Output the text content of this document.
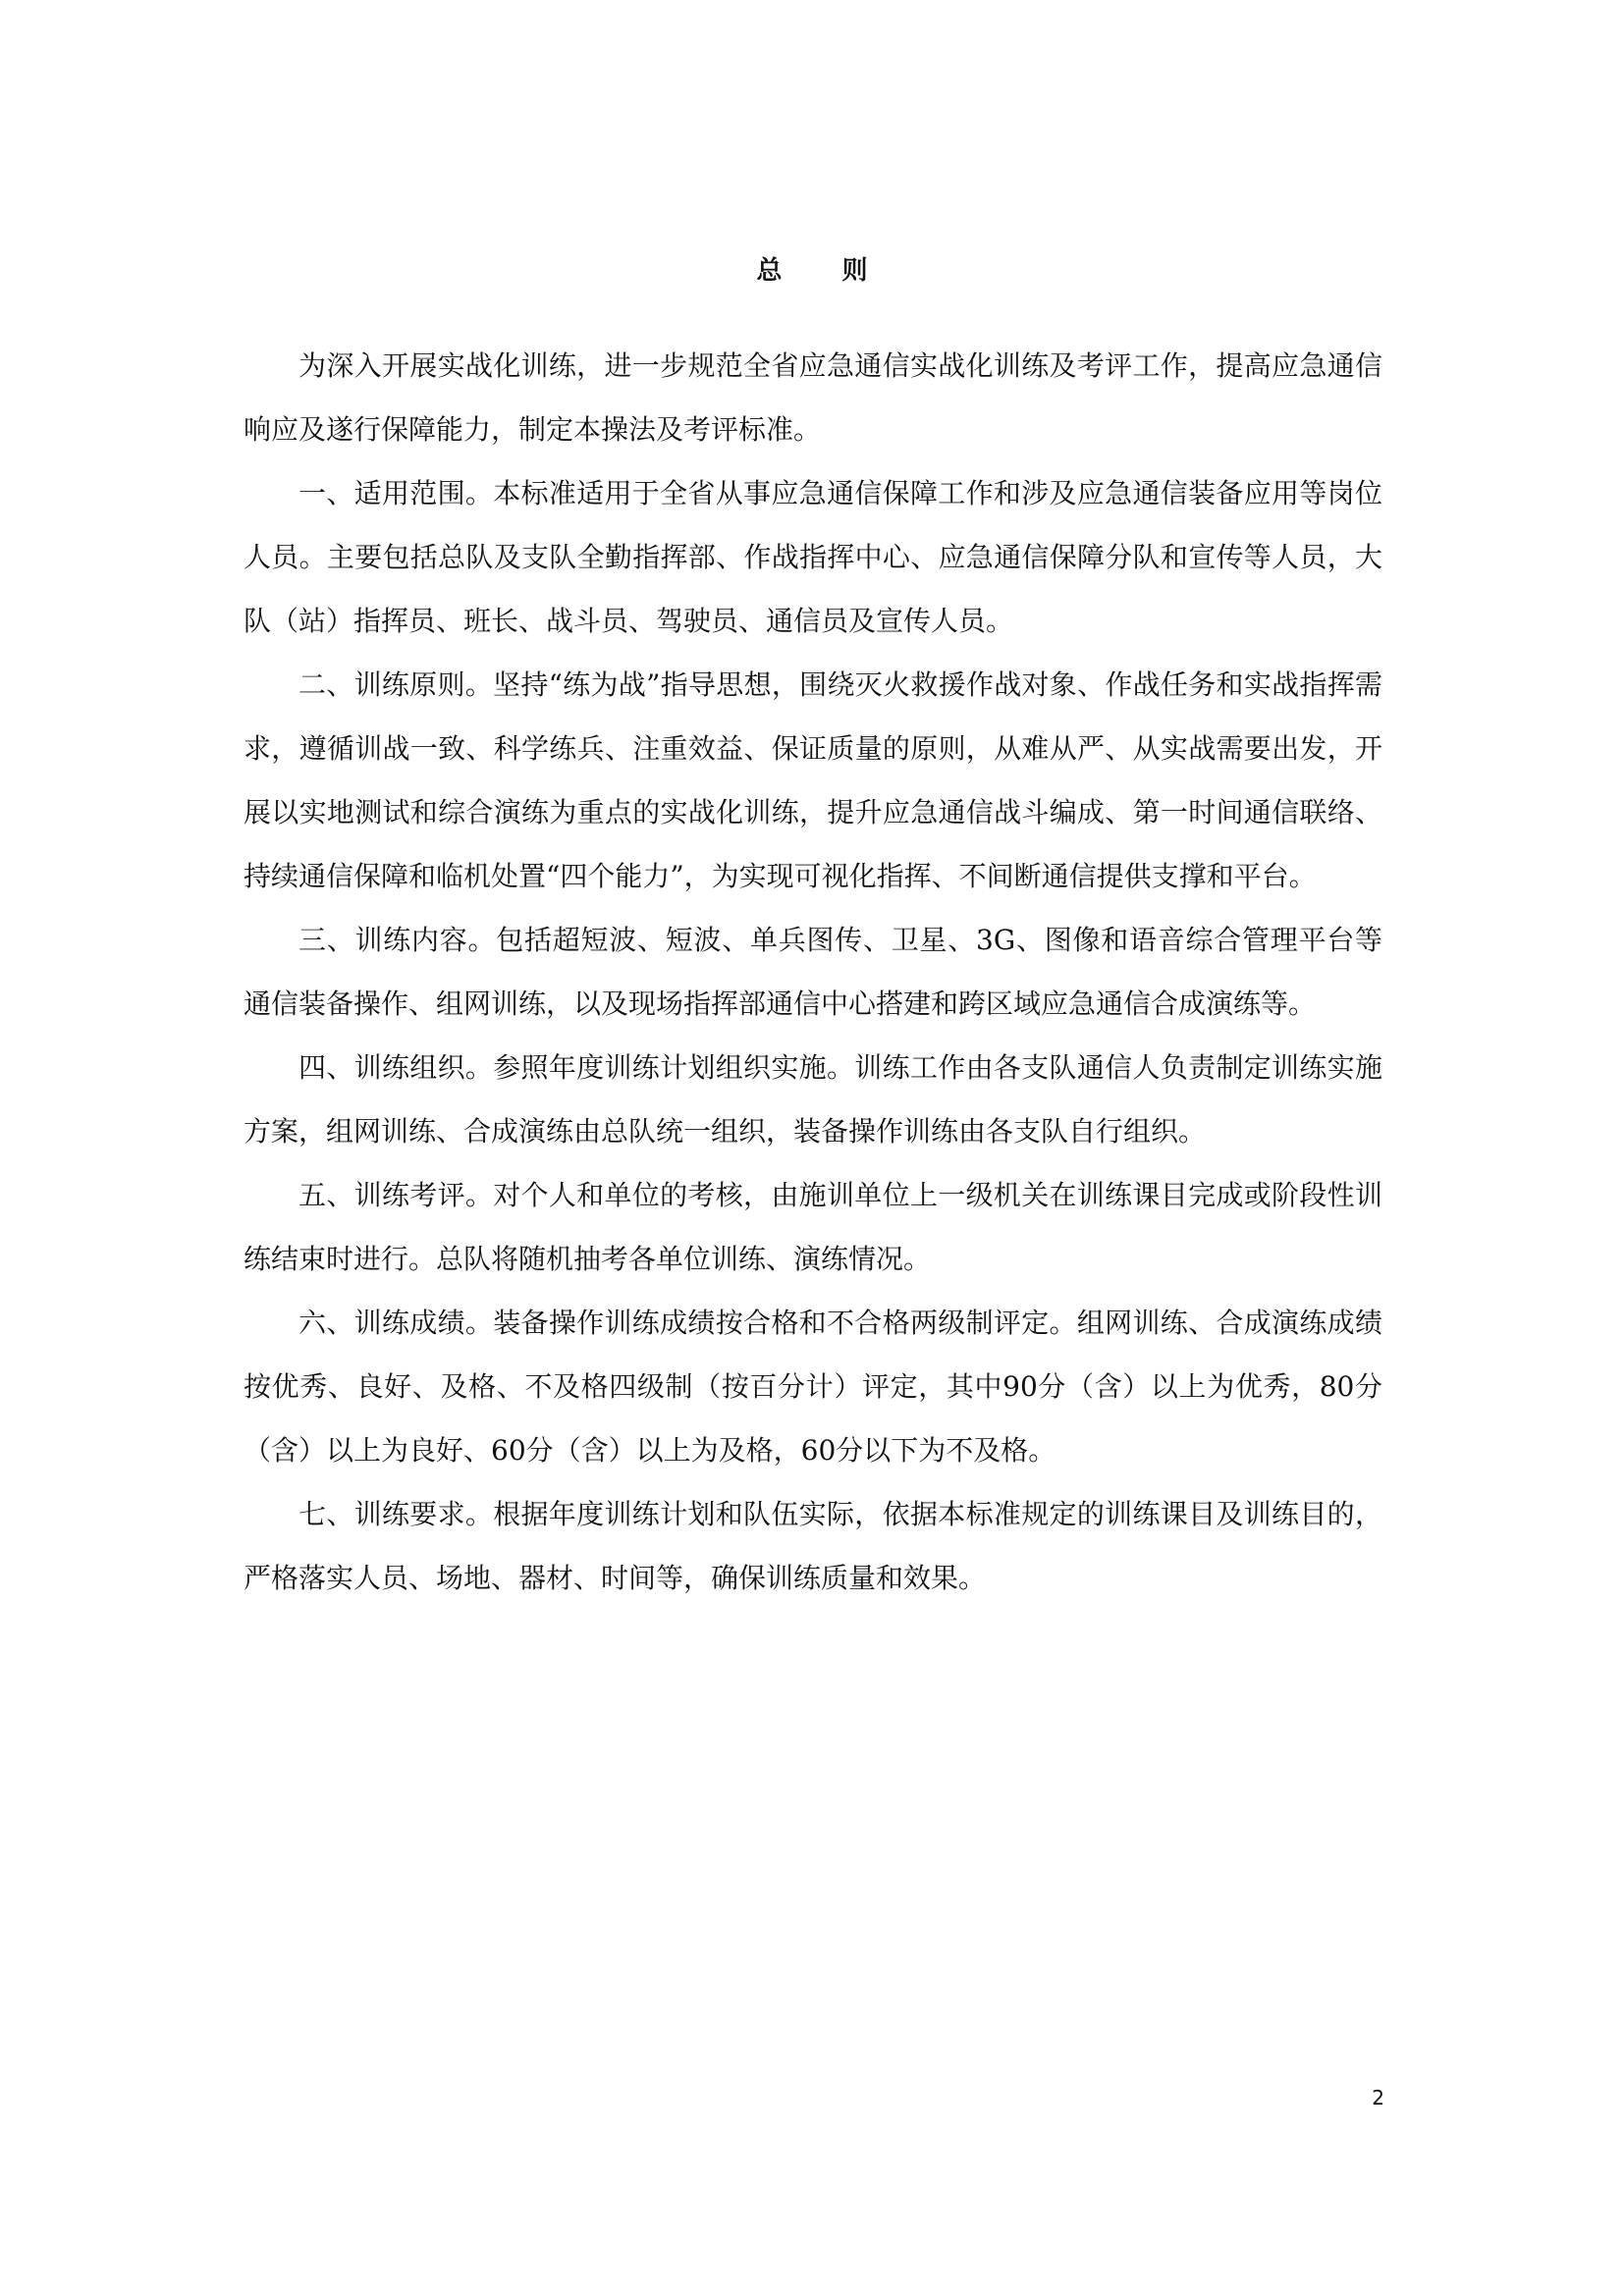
总 则

为深入开展实战化训练，进一步规范全省应急通信实战化训练及考评工作，提高应急通信响应及遂行保障能力，制定本操法及考评标准。

一、适用范围。本标准适用于全省从事应急通信保障工作和涉及应急通信装备应用等岗位人员。主要包括总队及支队全勤指挥部、作战指挥中心、应急通信保障分队和宣传等人员，大队（站）指挥员、班长、战斗员、驾驶员、通信员及宣传人员。

二、训练原则。坚持“练为战”指导思想，围绕灭火救援作战对象、作战任务和实战指挥需求，遵循训战一致、科学练兵、注重效益、保证质量的原则，从难从严、从实战需要出发，开展以实地测试和综合演练为重点的实战化训练，提升应急通信战斗编成、第一时间通信联络、持续通信保障和临机处置“四个能力”，为实现可视化指挥、不间断通信提供支撑和平台。

三、训练内容。包括超短波、短波、单兵图传、卫星、3G、图像和语音综合管理平台等通信装备操作、组网训练，以及现场指挥部通信中心搭建和跨区域应急通信合成演练等。

四、训练组织。参照年度训练计划组织实施。训练工作由各支队通信人负责制定训练实施方案，组网训练、合成演练由总队统一组织，装备操作训练由各支队自行组织。

五、训练考评。对个人和单位的考核，由施训单位上一级机关在训练课目完成或阶段性训练结束时进行。总队将随机抽考各单位训练、演练情况。

六、训练成绩。装备操作训练成绩按合格和不合格两级制评定。组网训练、合成演练成绩按优秀、良好、及格、不及格四级制（按百分计）评定，其中90分（含）以上为优秀，80分（含）以上为良好、60分（含）以上为及格，60分以下为不及格。

七、训练要求。根据年度训练计划和队伍实际，依据本标准规定的训练课目及训练目的，严格落实人员、场地、器材、时间等，确保训练质量和效果。

2
